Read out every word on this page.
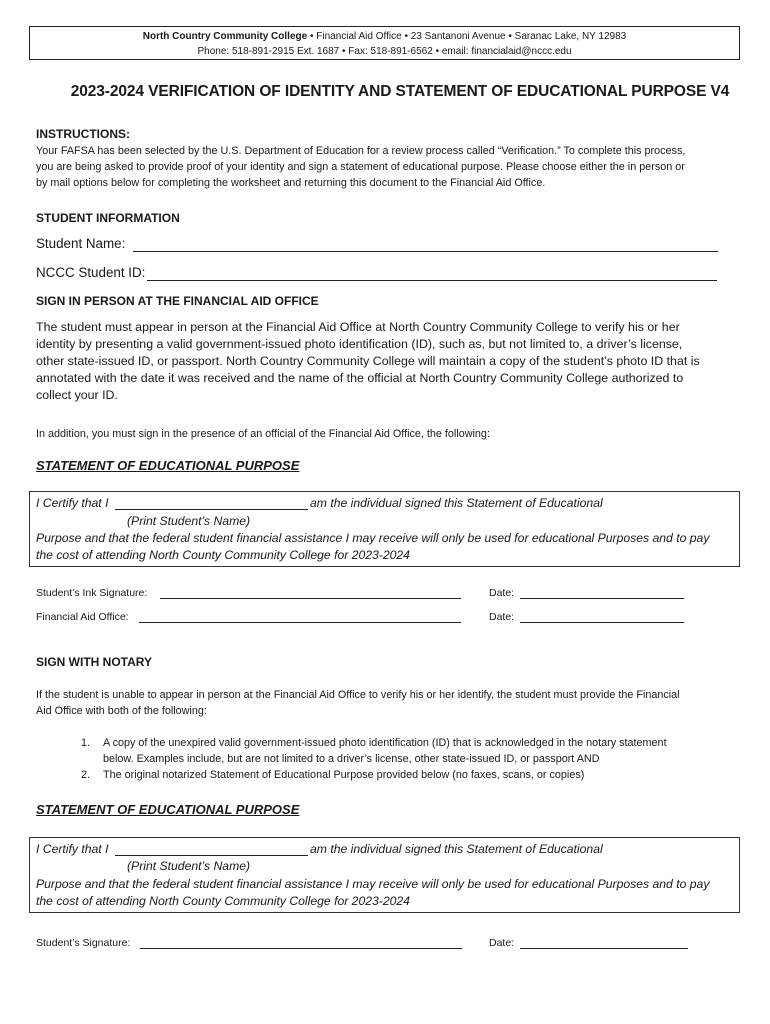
North Country Community College • Financial Aid Office • 23 Santanoni Avenue • Saranac Lake, NY 12983
Phone: 518-891-2915 Ext. 1687 • Fax: 518-891-6562 • email: financialaid@nccc.edu
2023-2024 VERIFICATION OF IDENTITY AND STATEMENT OF EDUCATIONAL PURPOSE V4
INSTRUCTIONS:
Your FAFSA has been selected by the U.S. Department of Education for a review process called “Verification.” To complete this process,
you are being asked to provide proof of your identity and sign a statement of educational purpose. Please choose either the in person or
by mail options below for completing the worksheet and returning this document to the Financial Aid Office.
STUDENT INFORMATION
Student Name:
NCCC Student ID:
SIGN IN PERSON AT THE FINANCIAL AID OFFICE
The student must appear in person at the Financial Aid Office at North Country Community College to verify his or her
identity by presenting a valid government-issued photo identification (ID), such as, but not limited to, a driver’s license,
other state-issued ID, or passport. North Country Community College will maintain a copy of the student’s photo ID that is
annotated with the date it was received and the name of the official at North Country Community College authorized to
collect your ID.
In addition, you must sign in the presence of an official of the Financial Aid Office, the following:
STATEMENT OF EDUCATIONAL PURPOSE
I Certify that I	am the individual signed this Statement of Educational
(Print Student’s Name)
Purpose and that the federal student financial assistance I may receive will only be used for educational Purposes and to pay
the cost of attending North County Community College for 2023-2024
Student’s Ink Signature:	Date:
Financial Aid Office:	Date:
SIGN WITH NOTARY
If the student is unable to appear in person at the Financial Aid Office to verify his or her identify, the student must provide the Financial
Aid Office with both of the following:
1. A copy of the unexpired valid government-issued photo identification (ID) that is acknowledged in the notary statement
below. Examples include, but are not limited to a driver’s license, other state-issued ID, or passport AND
2. The original notarized Statement of Educational Purpose provided below (no faxes, scans, or copies)
STATEMENT OF EDUCATIONAL PURPOSE
I Certify that I	am the individual signed this Statement of Educational
(Print Student’s Name)
Purpose and that the federal student financial assistance I may receive will only be used for educational Purposes and to pay
the cost of attending North County Community College for 2023-2024
Student’s Signature:	Date:
